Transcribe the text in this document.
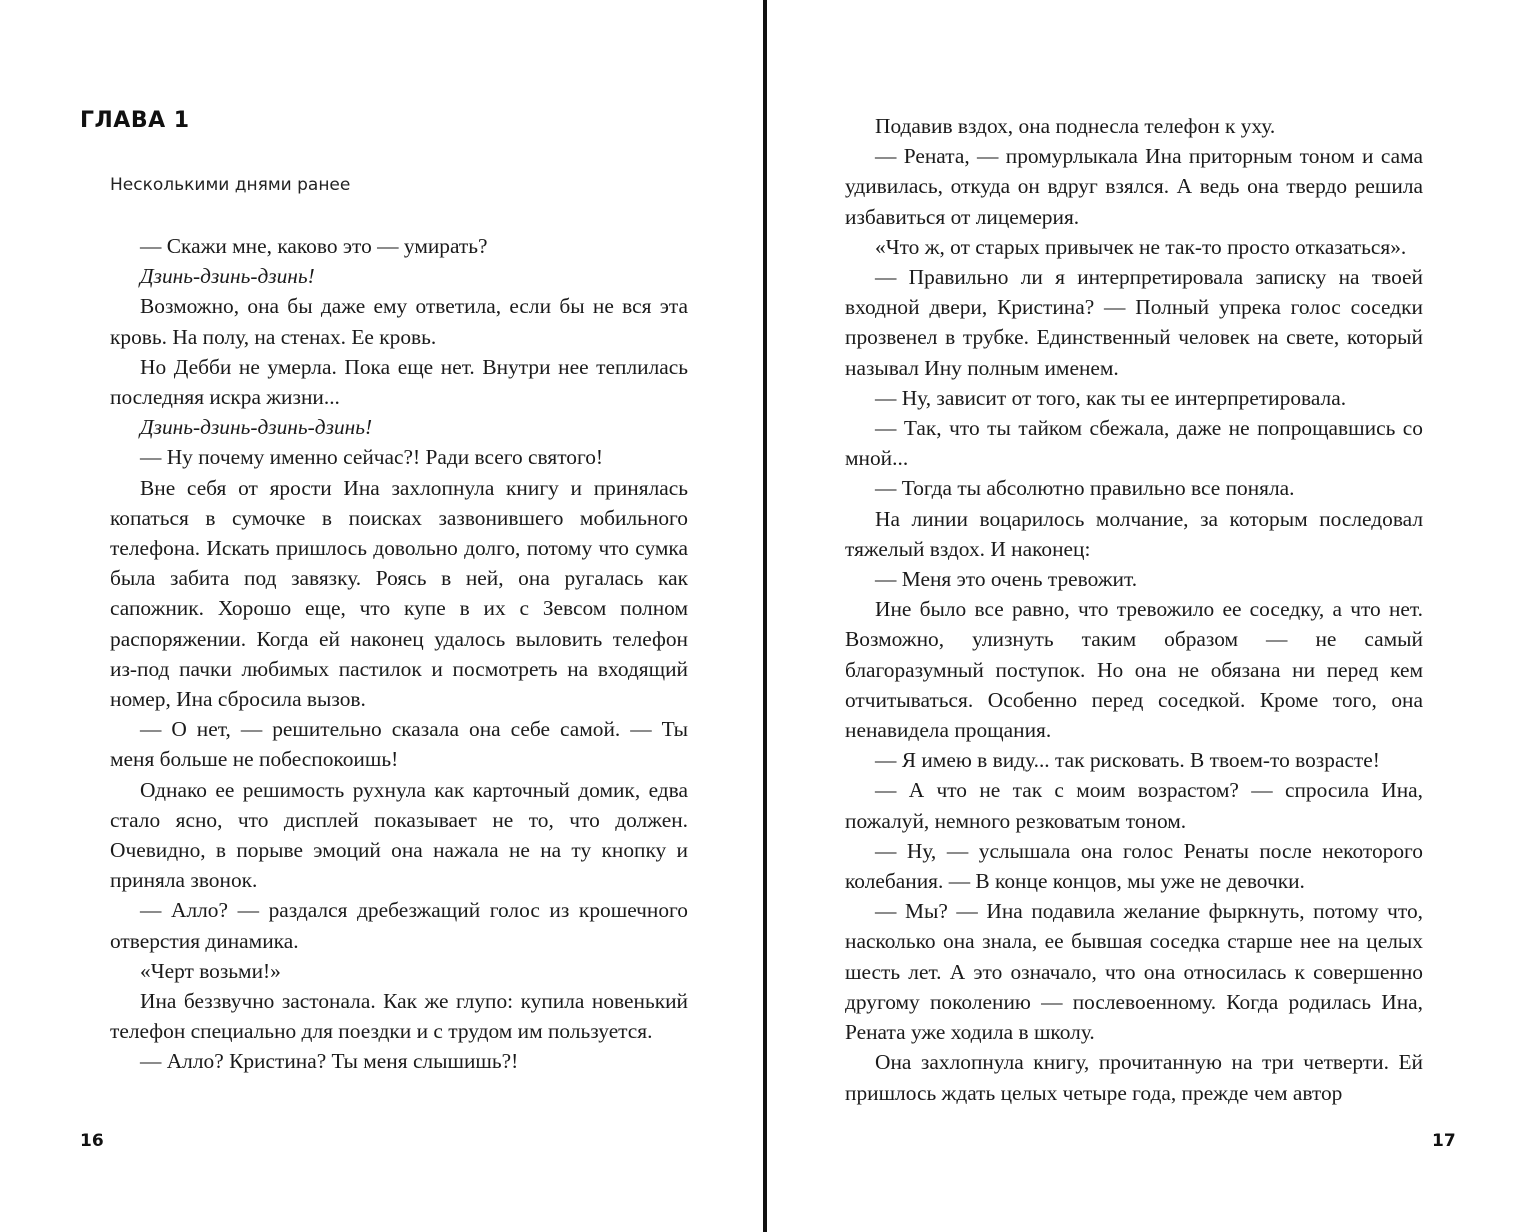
ГЛАВА 1
Несколькими днями ранее

— Скажи мне, каково это — умирать?

Дзинь-дзинь-дзинь!

Возможно, она бы даже ему ответила, если бы не вся эта кровь. На полу, на стенах. Ее кровь.

Но Дебби не умерла. Пока еще нет. Внутри нее теплилась последняя искра жизни...

Дзинь-дзинь-дзинь-дзинь!

— Ну почему именно сейчас?! Ради всего святого!

Вне себя от ярости Ина захлопнула книгу и принялась копаться в сумочке в поисках зазвонившего мобильного телефона. Искать пришлось довольно долго, потому что сумка была забита под завязку. Роясь в ней, она ругалась как сапожник. Хорошо еще, что купе в их с Зевсом полном распоряжении. Когда ей наконец удалось выловить телефон из-под пачки любимых пастилок и посмотреть на входящий номер, Ина сбросила вызов.

— О нет, — решительно сказала она себе самой. — Ты меня больше не побеспокоишь!

Однако ее решимость рухнула как карточный домик, едва стало ясно, что дисплей показывает не то, что должен. Очевидно, в порыве эмоций она нажала не на ту кнопку и приняла звонок.

— Алло? — раздался дребезжащий голос из крошечного отверстия динамика.

«Черт возьми!»

Ина беззвучно застонала. Как же глупо: купила новенький телефон специально для поездки и с трудом им пользуется.

— Алло? Кристина? Ты меня слышишь?!

16

Подавив вздох, она поднесла телефон к уху.

— Рената, — промурлыкала Ина приторным тоном и сама удивилась, откуда он вдруг взялся. А ведь она твердо решила избавиться от лицемерия.

«Что ж, от старых привычек не так-то просто отказаться».

— Правильно ли я интерпретировала записку на твоей входной двери, Кристина? — Полный упрека голос соседки прозвенел в трубке. Единственный человек на свете, который называл Ину полным именем.

— Ну, зависит от того, как ты ее интерпретировала.

— Так, что ты тайком сбежала, даже не попрощавшись со мной...

— Тогда ты абсолютно правильно все поняла.

На линии воцарилось молчание, за которым последовал тяжелый вздох. И наконец:

— Меня это очень тревожит.

Ине было все равно, что тревожило ее соседку, а что нет. Возможно, улизнуть таким образом — не самый благоразумный поступок. Но она не обязана ни перед кем отчитываться. Особенно перед соседкой. Кроме того, она ненавидела прощания.

— Я имею в виду... так рисковать. В твоем-то возрасте!

— А что не так с моим возрастом? — спросила Ина, пожалуй, немного резковатым тоном.

— Ну, — услышала она голос Ренаты после некоторого колебания. — В конце концов, мы уже не девочки.

— Мы? — Ина подавила желание фыркнуть, потому что, насколько она знала, ее бывшая соседка старше нее на целых шесть лет. А это означало, что она относилась к совершенно другому поколению — послевоенному. Когда родилась Ина, Рената уже ходила в школу.

Она захлопнула книгу, прочитанную на три четверти. Ей пришлось ждать целых четыре года, прежде чем автор

17
